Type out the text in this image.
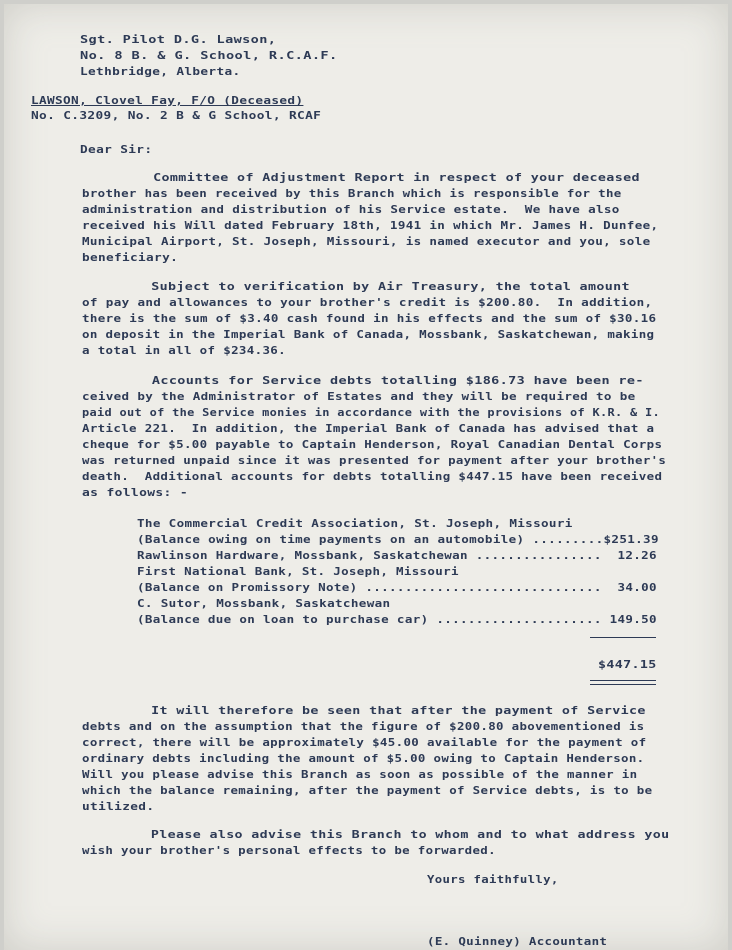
Sgt. Pilot D.G. Lawson,
No. 8 B. & G. School, R.C.A.F.
Lethbridge, Alberta.
LAWSON, Clovel Fay, F/O (Deceased)
No. C.3209, No. 2 B & G School, RCAF
Dear Sir:
Committee of Adjustment Report in respect of your deceased
brother has been received by this Branch which is responsible for the
administration and distribution of his Service estate.  We have also
received his Will dated February 18th, 1941 in which Mr. James H. Dunfee,
Municipal Airport, St. Joseph, Missouri, is named executor and you, sole
beneficiary.
Subject to verification by Air Treasury, the total amount
of pay and allowances to your brother's credit is $200.80.  In addition,
there is the sum of $3.40 cash found in his effects and the sum of $30.16
on deposit in the Imperial Bank of Canada, Mossbank, Saskatchewan, making
a total in all of $234.36.
Accounts for Service debts totalling $186.73 have been re-
ceived by the Administrator of Estates and they will be required to be
paid out of the Service monies in accordance with the provisions of K.R. & I.
Article 221.  In addition, the Imperial Bank of Canada has advised that a
cheque for $5.00 payable to Captain Henderson, Royal Canadian Dental Corps
was returned unpaid since it was presented for payment after your brother's
death.  Additional accounts for debts totalling $447.15 have been received
as follows: -
The Commercial Credit Association, St. Joseph, Missouri
(Balance owing on time payments on an automobile) .........$251.39
Rawlinson Hardware, Mossbank, Saskatchewan ................  12.26
First National Bank, St. Joseph, Missouri
(Balance on Promissory Note) ..............................  34.00
C. Sutor, Mossbank, Saskatchewan
(Balance due on loan to purchase car) ..................... 149.50
$447.15
It will therefore be seen that after the payment of Service
debts and on the assumption that the figure of $200.80 abovementioned is
correct, there will be approximately $45.00 available for the payment of
ordinary debts including the amount of $5.00 owing to Captain Henderson.
Will you please advise this Branch as soon as possible of the manner in
which the balance remaining, after the payment of Service debts, is to be
utilized.
Please also advise this Branch to whom and to what address you
wish your brother's personal effects to be forwarded.
Yours faithfully,
(E. Quinney) Accountant
